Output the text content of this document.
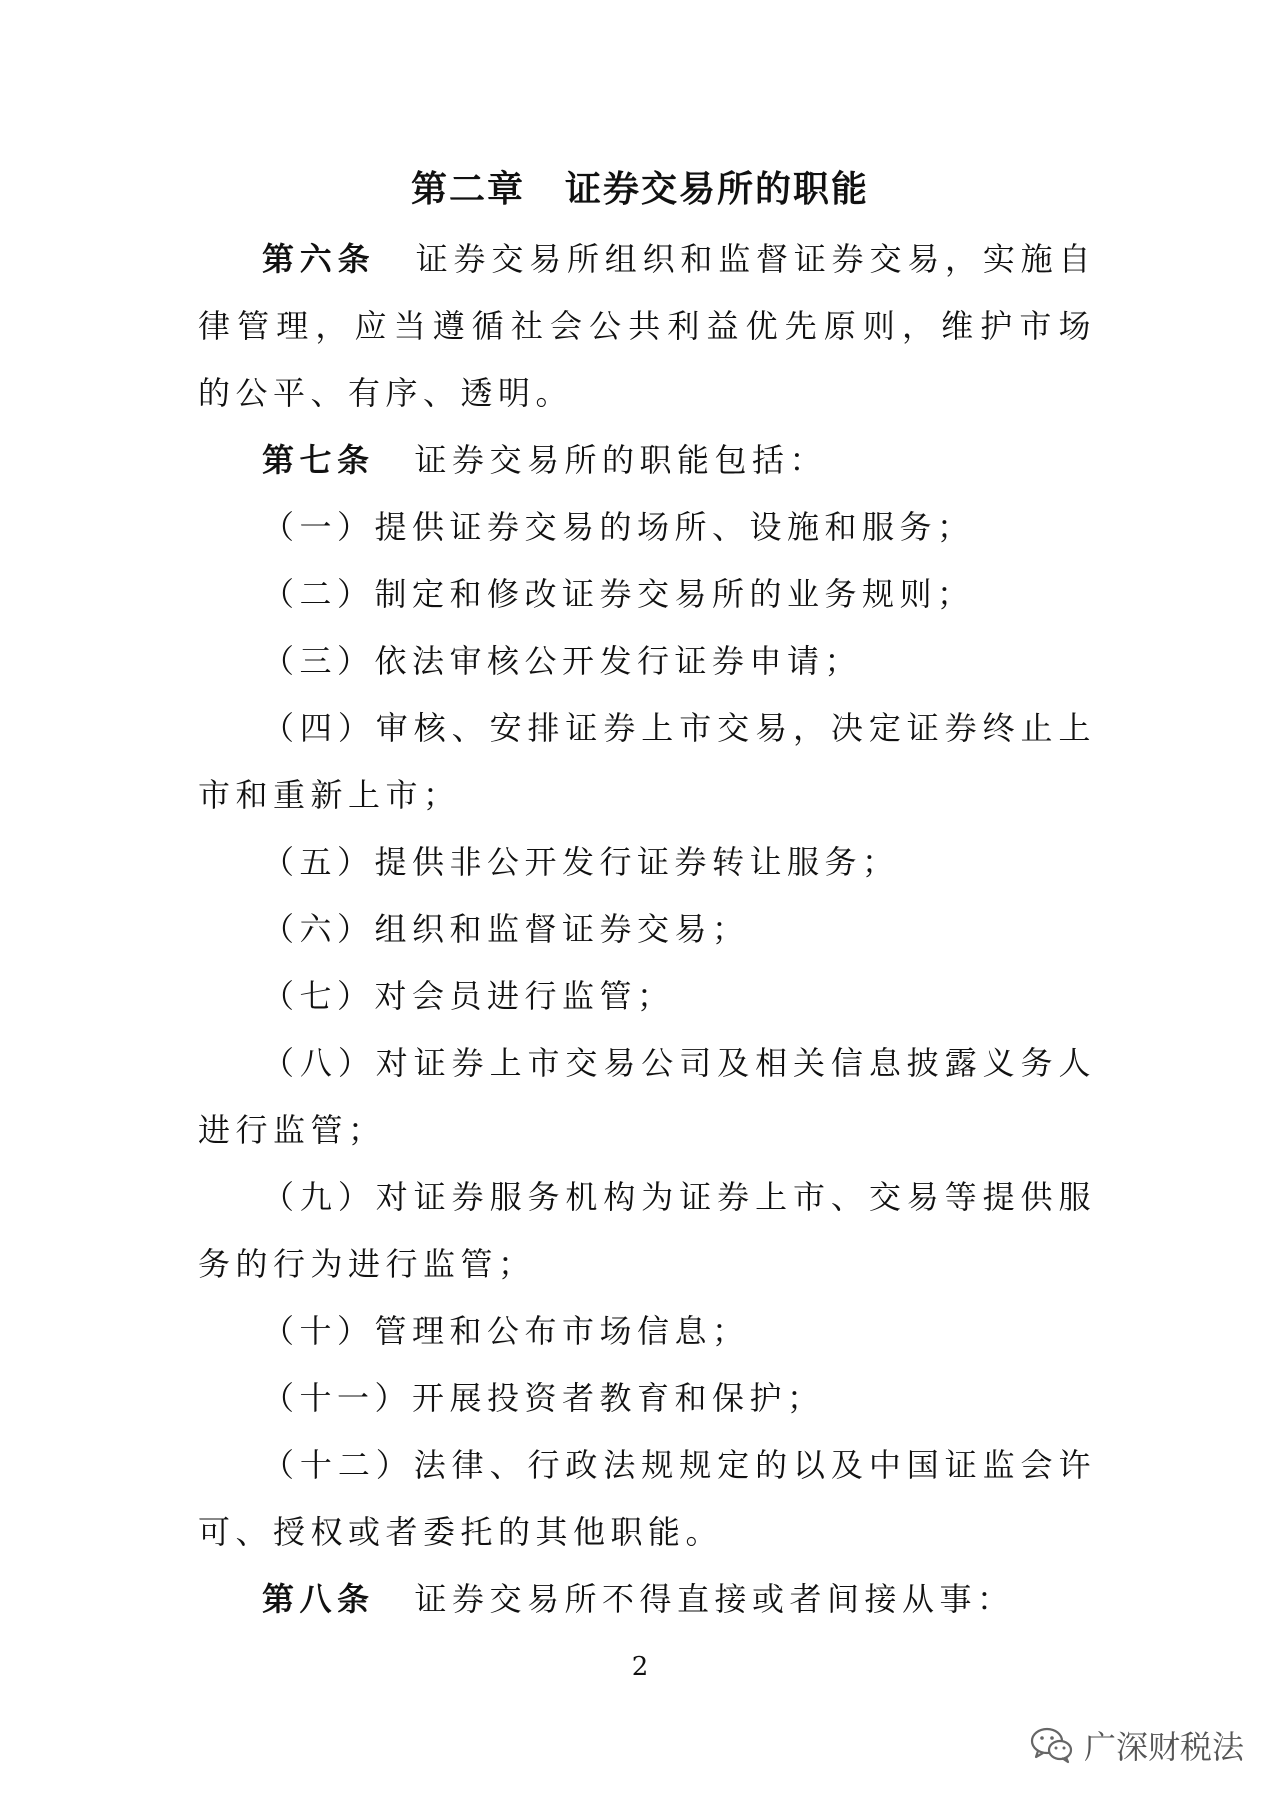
第二章 证券交易所的职能

第六条 证券交易所组织和监督证券交易，实施自律管理，应当遵循社会公共利益优先原则，维护市场的公平、有序、透明。

第七条 证券交易所的职能包括：

（一）提供证券交易的场所、设施和服务；

（二）制定和修改证券交易所的业务规则；

（三）依法审核公开发行证券申请；

（四）审核、安排证券上市交易，决定证券终止上市和重新上市；

（五）提供非公开发行证券转让服务；

（六）组织和监督证券交易；

（七）对会员进行监管；

（八）对证券上市交易公司及相关信息披露义务人进行监管；

（九）对证券服务机构为证券上市、交易等提供服务的行为进行监管；

（十）管理和公布市场信息；

（十一）开展投资者教育和保护；

（十二）法律、行政法规规定的以及中国证监会许可、授权或者委托的其他职能。

第八条 证券交易所不得直接或者间接从事：

2
广深财税法
